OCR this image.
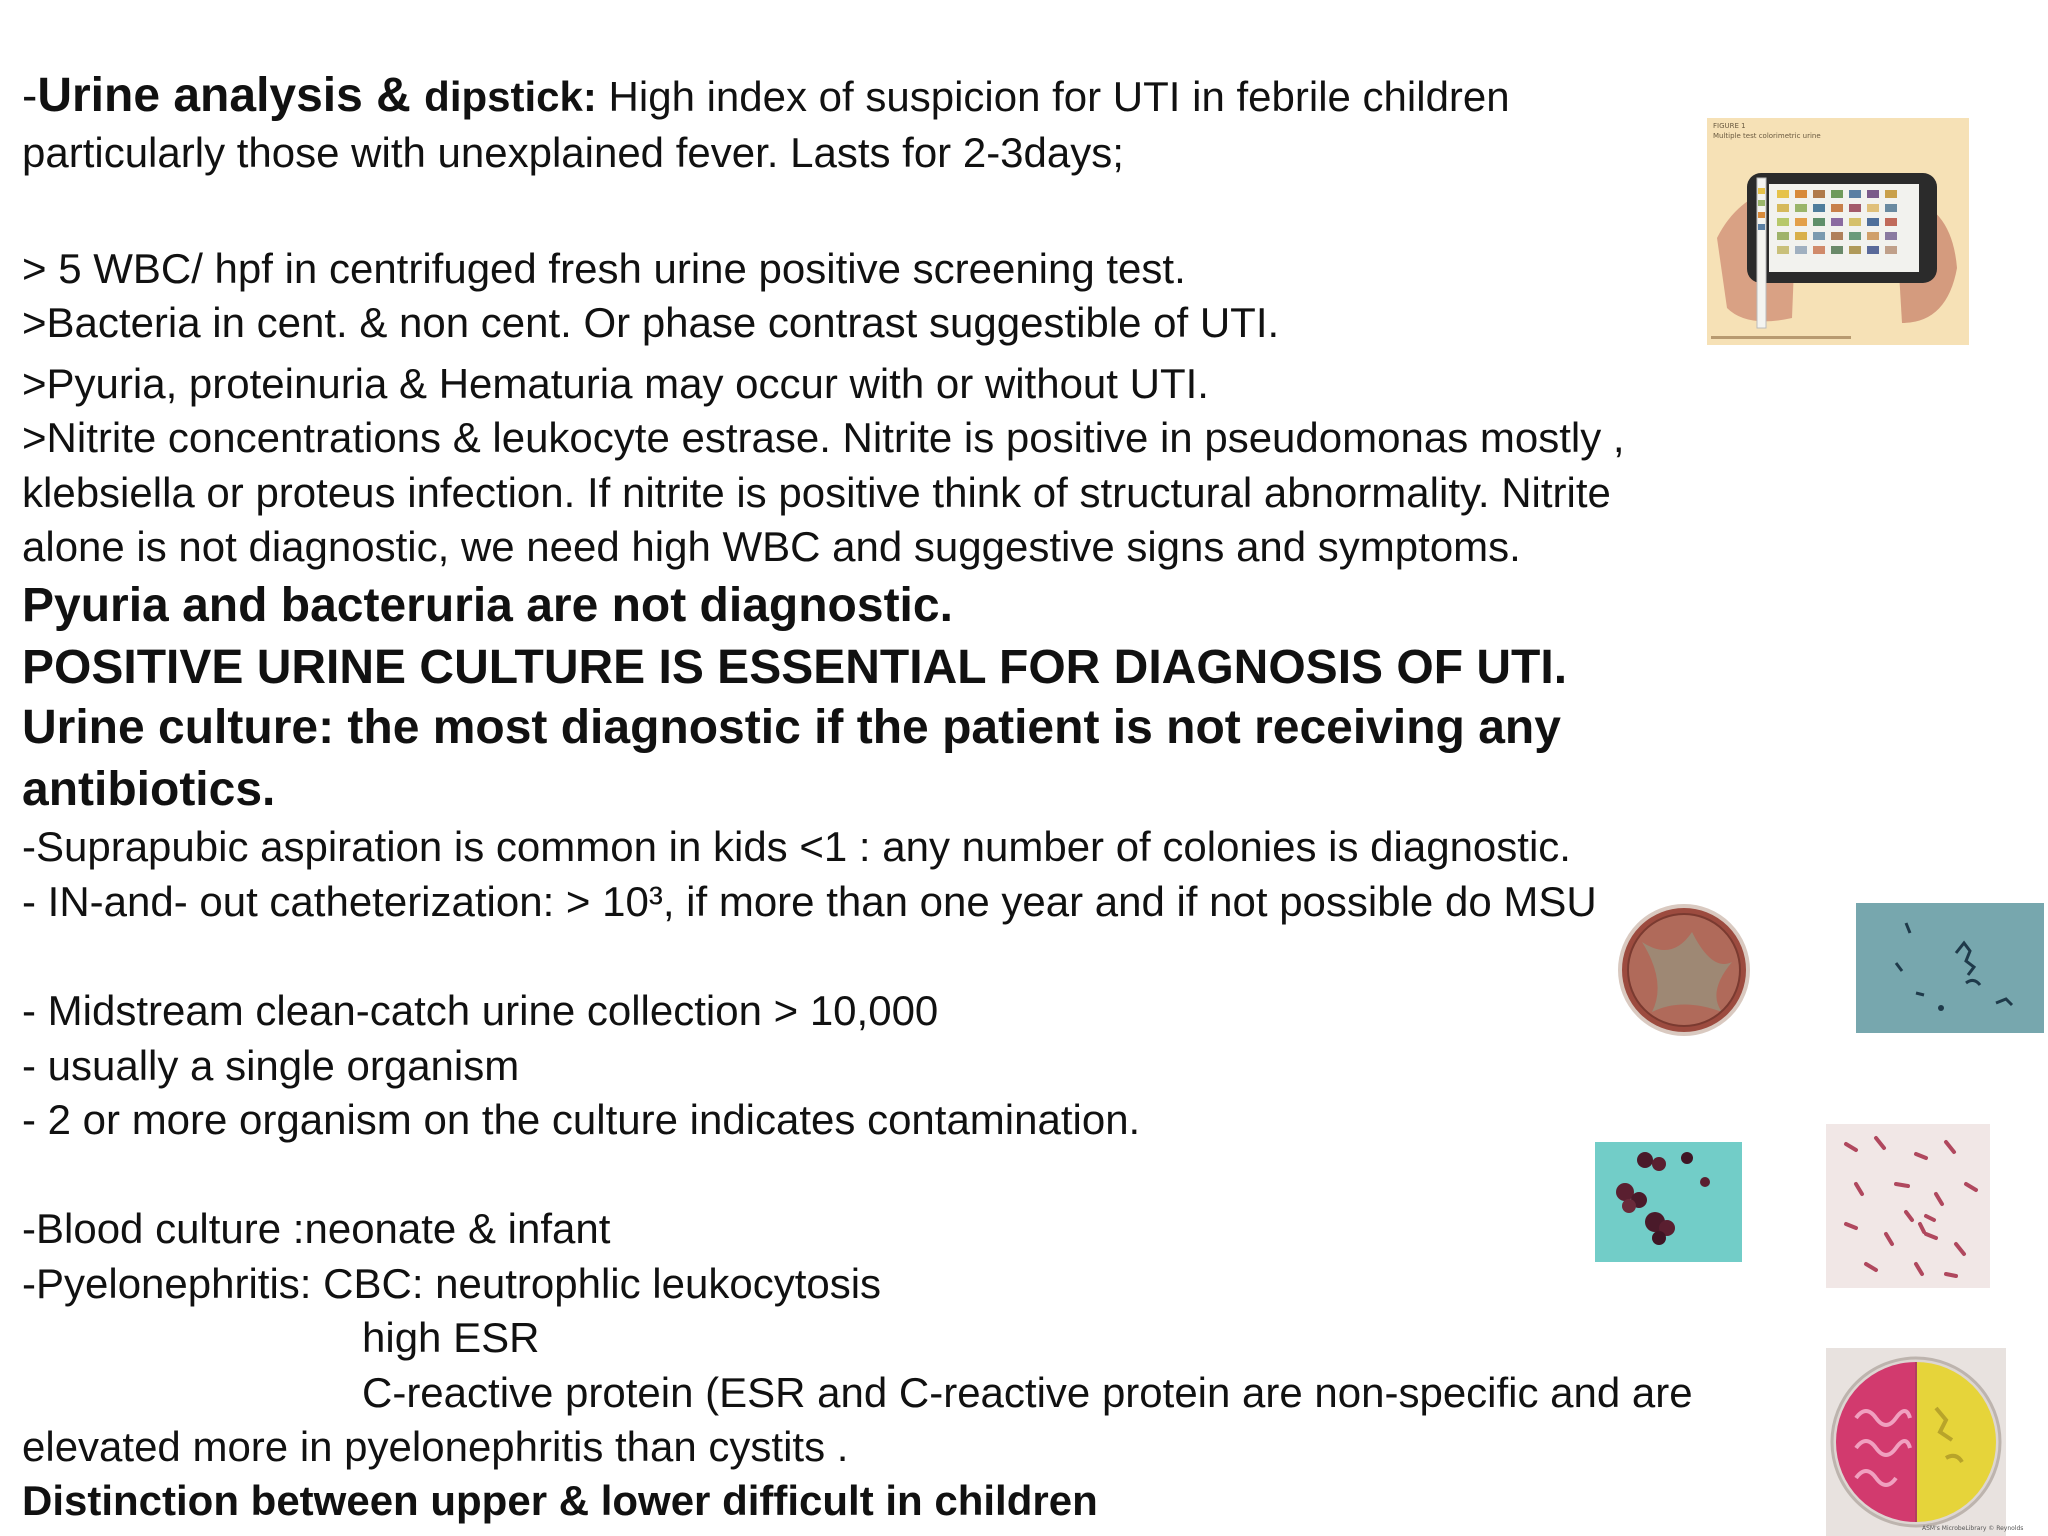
-Urine analysis & dipstick: High index of suspicion for UTI in febrile children
particularly those with unexplained fever. Lasts for 2-3days;
> 5 WBC/ hpf in centrifuged fresh urine positive screening test.
>Bacteria in cent. & non cent. Or phase contrast suggestible of UTI.
>Pyuria, proteinuria & Hematuria may occur with or without UTI.
>Nitrite concentrations & leukocyte estrase. Nitrite is positive in pseudomonas mostly ,
klebsiella or proteus infection. If nitrite is positive think of structural abnormality. Nitrite
alone is not diagnostic, we need high WBC and suggestive signs and symptoms.
Pyuria and bacteruria are not diagnostic.
POSITIVE URINE CULTURE IS ESSENTIAL FOR DIAGNOSIS OF UTI.
Urine culture: the most diagnostic if the patient is not receiving any
antibiotics.
-Suprapubic aspiration is common in kids <1 : any number of colonies is diagnostic.
- IN-and- out catheterization: > 10³, if more than one year and if not possible do MSU
- Midstream clean-catch urine collection > 10,000
- usually a single organism
- 2 or more organism on the culture indicates contamination.
-Blood culture :neonate & infant
-Pyelonephritis: CBC: neutrophlic leukocytosis
high ESR
C-reactive protein (ESR and C-reactive protein are non-specific and are
elevated more in pyelonephritis than cystits .
Distinction between upper & lower difficult in children
FIGURE 1
Multiple test colorimetric urine
ASM's MicrobeLibrary © Reynolds
